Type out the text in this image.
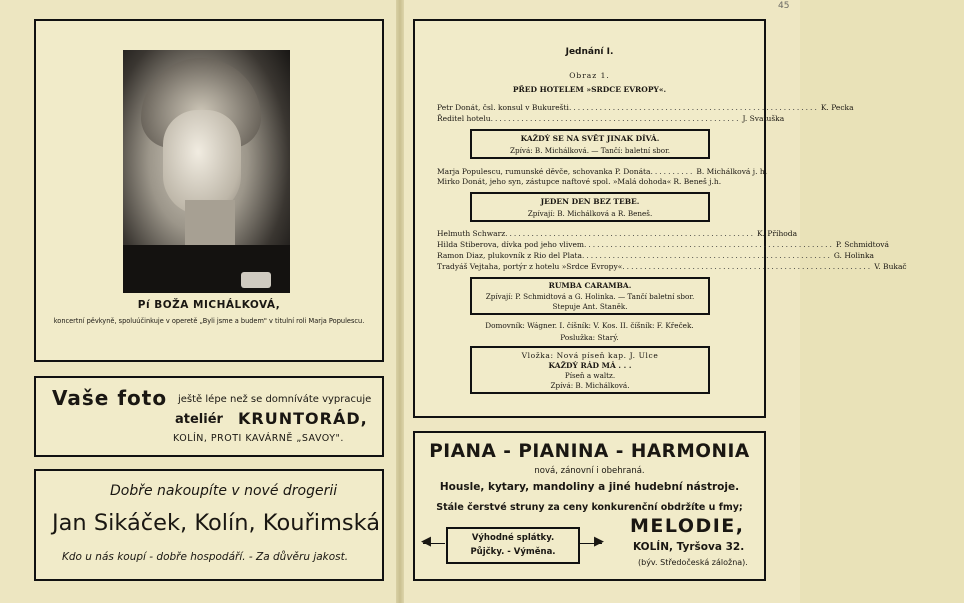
45
Pí BOŽA MICHÁLKOVÁ,
koncertní pěvkyně, spoluúčinkuje v operetě „Byli jsme a budem" v titulní roli Marja Populescu.
Vaše foto ještě lépe než se domníváte vypracuje
ateliér KRUNTORÁD,
KOLÍN, PROTI KAVÁRNĚ „SAVOY".
Dobře nakoupíte v nové drogerii
Jan Sikáček, Kolín, Kouřimská
Kdo u nás koupí - dobře hospodáří. - Za důvěru jakost.
Jednání I.
Obraz 1.
PŘED HOTELEM »SRDCE EVROPY«.
Petr Donát, čsl. konsul v Bukurešti ......................................................... K. Pecka
Ředitel hotelu ......................................................... J. Svatuška
KAŽDÝ SE NA SVĚT JINAK DÍVÁ.
Zpívá: B. Michálková. — Tančí: baletní sbor.
Marja Populescu, rumunské děvče, schovanka P. Donáta .......... B. Michálková j. h.
Mirko Donát, jeho syn, zástupce naftové spol. »Malá dohoda« R. Beneš j.h.
JEDEN DEN BEZ TEBE.
Zpívají: B. Michálková a R. Beneš.
Helmuth Schwarz ......................................................... K. Příhoda
Hilda Stiberova, dívka pod jeho vlivem ......................................................... P. Schmidtová
Ramon Diaz, plukovník z Rio del Plata ......................................................... G. Holinka
Tradyáš Vejtaha, portýr z hotelu »Srdce Evropy« ......................................................... V. Bukač
RUMBA CARAMBA.
Zpívají: P. Schmidtová a G. Holinka. — Tančí baletní sbor.
Stepuje Ant. Staněk.
Domovník: Wágner. I. číšník: V. Kos. II. číšník: F. Křeček.
Poslužka: Starý.
Vložka: Nová píseň kap. J. Ulce
KAŽDÝ RÁD MÁ . . .
Píseň a waltz.
Zpívá: B. Michálková.
PIANA - PIANINA - HARMONIA
nová, zánovní i obehraná.
Housle, kytary, mandoliny a jiné hudební nástroje.
Stále čerstvé struny za ceny konkurenční obdržíte u fmy;
◀	Výhodné splátky.
Půjčky. - Výměna.
▶
MELODIE,
KOLÍN, Tyršova 32.
(býv. Středočeská záložna).
